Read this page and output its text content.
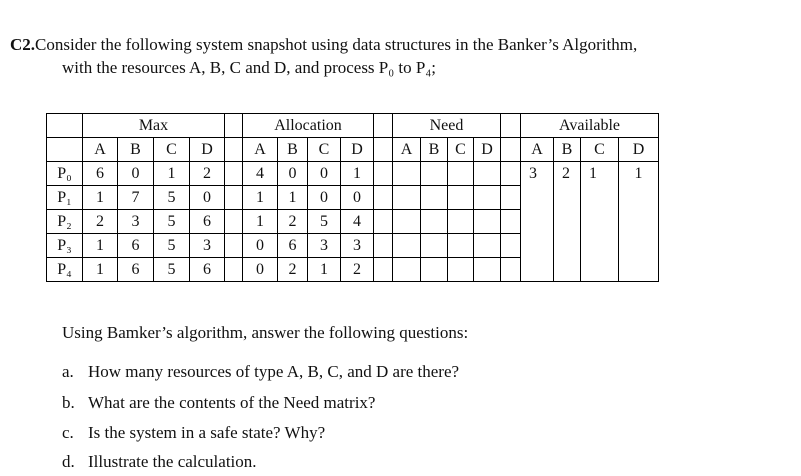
C2.Consider the following system snapshot using data structures in the Banker’s Algorithm,
with the resources A, B, C and D, and process P₀ to P₄;
	Max					Allocation					Need					Available			
	A	B	C	D		A	B	C	D		A	B	C	D		A	B	C	D
P₀	6	0	1	2		4	0	0	1							3	2	1	1
P₁	1	7	5	0		1	1	0	0										
P₂	2	3	5	6		1	2	5	4										
P₃	1	6	5	3		0	6	3	3										
P₄	1	6	5	6		0	2	1	2										
Using Bamker’s algorithm, answer the following questions:
a. How many resources of type A, B, C, and D are there?
b. What are the contents of the Need matrix?
c. Is the system in a safe state? Why?
d. Illustrate the calculation.
